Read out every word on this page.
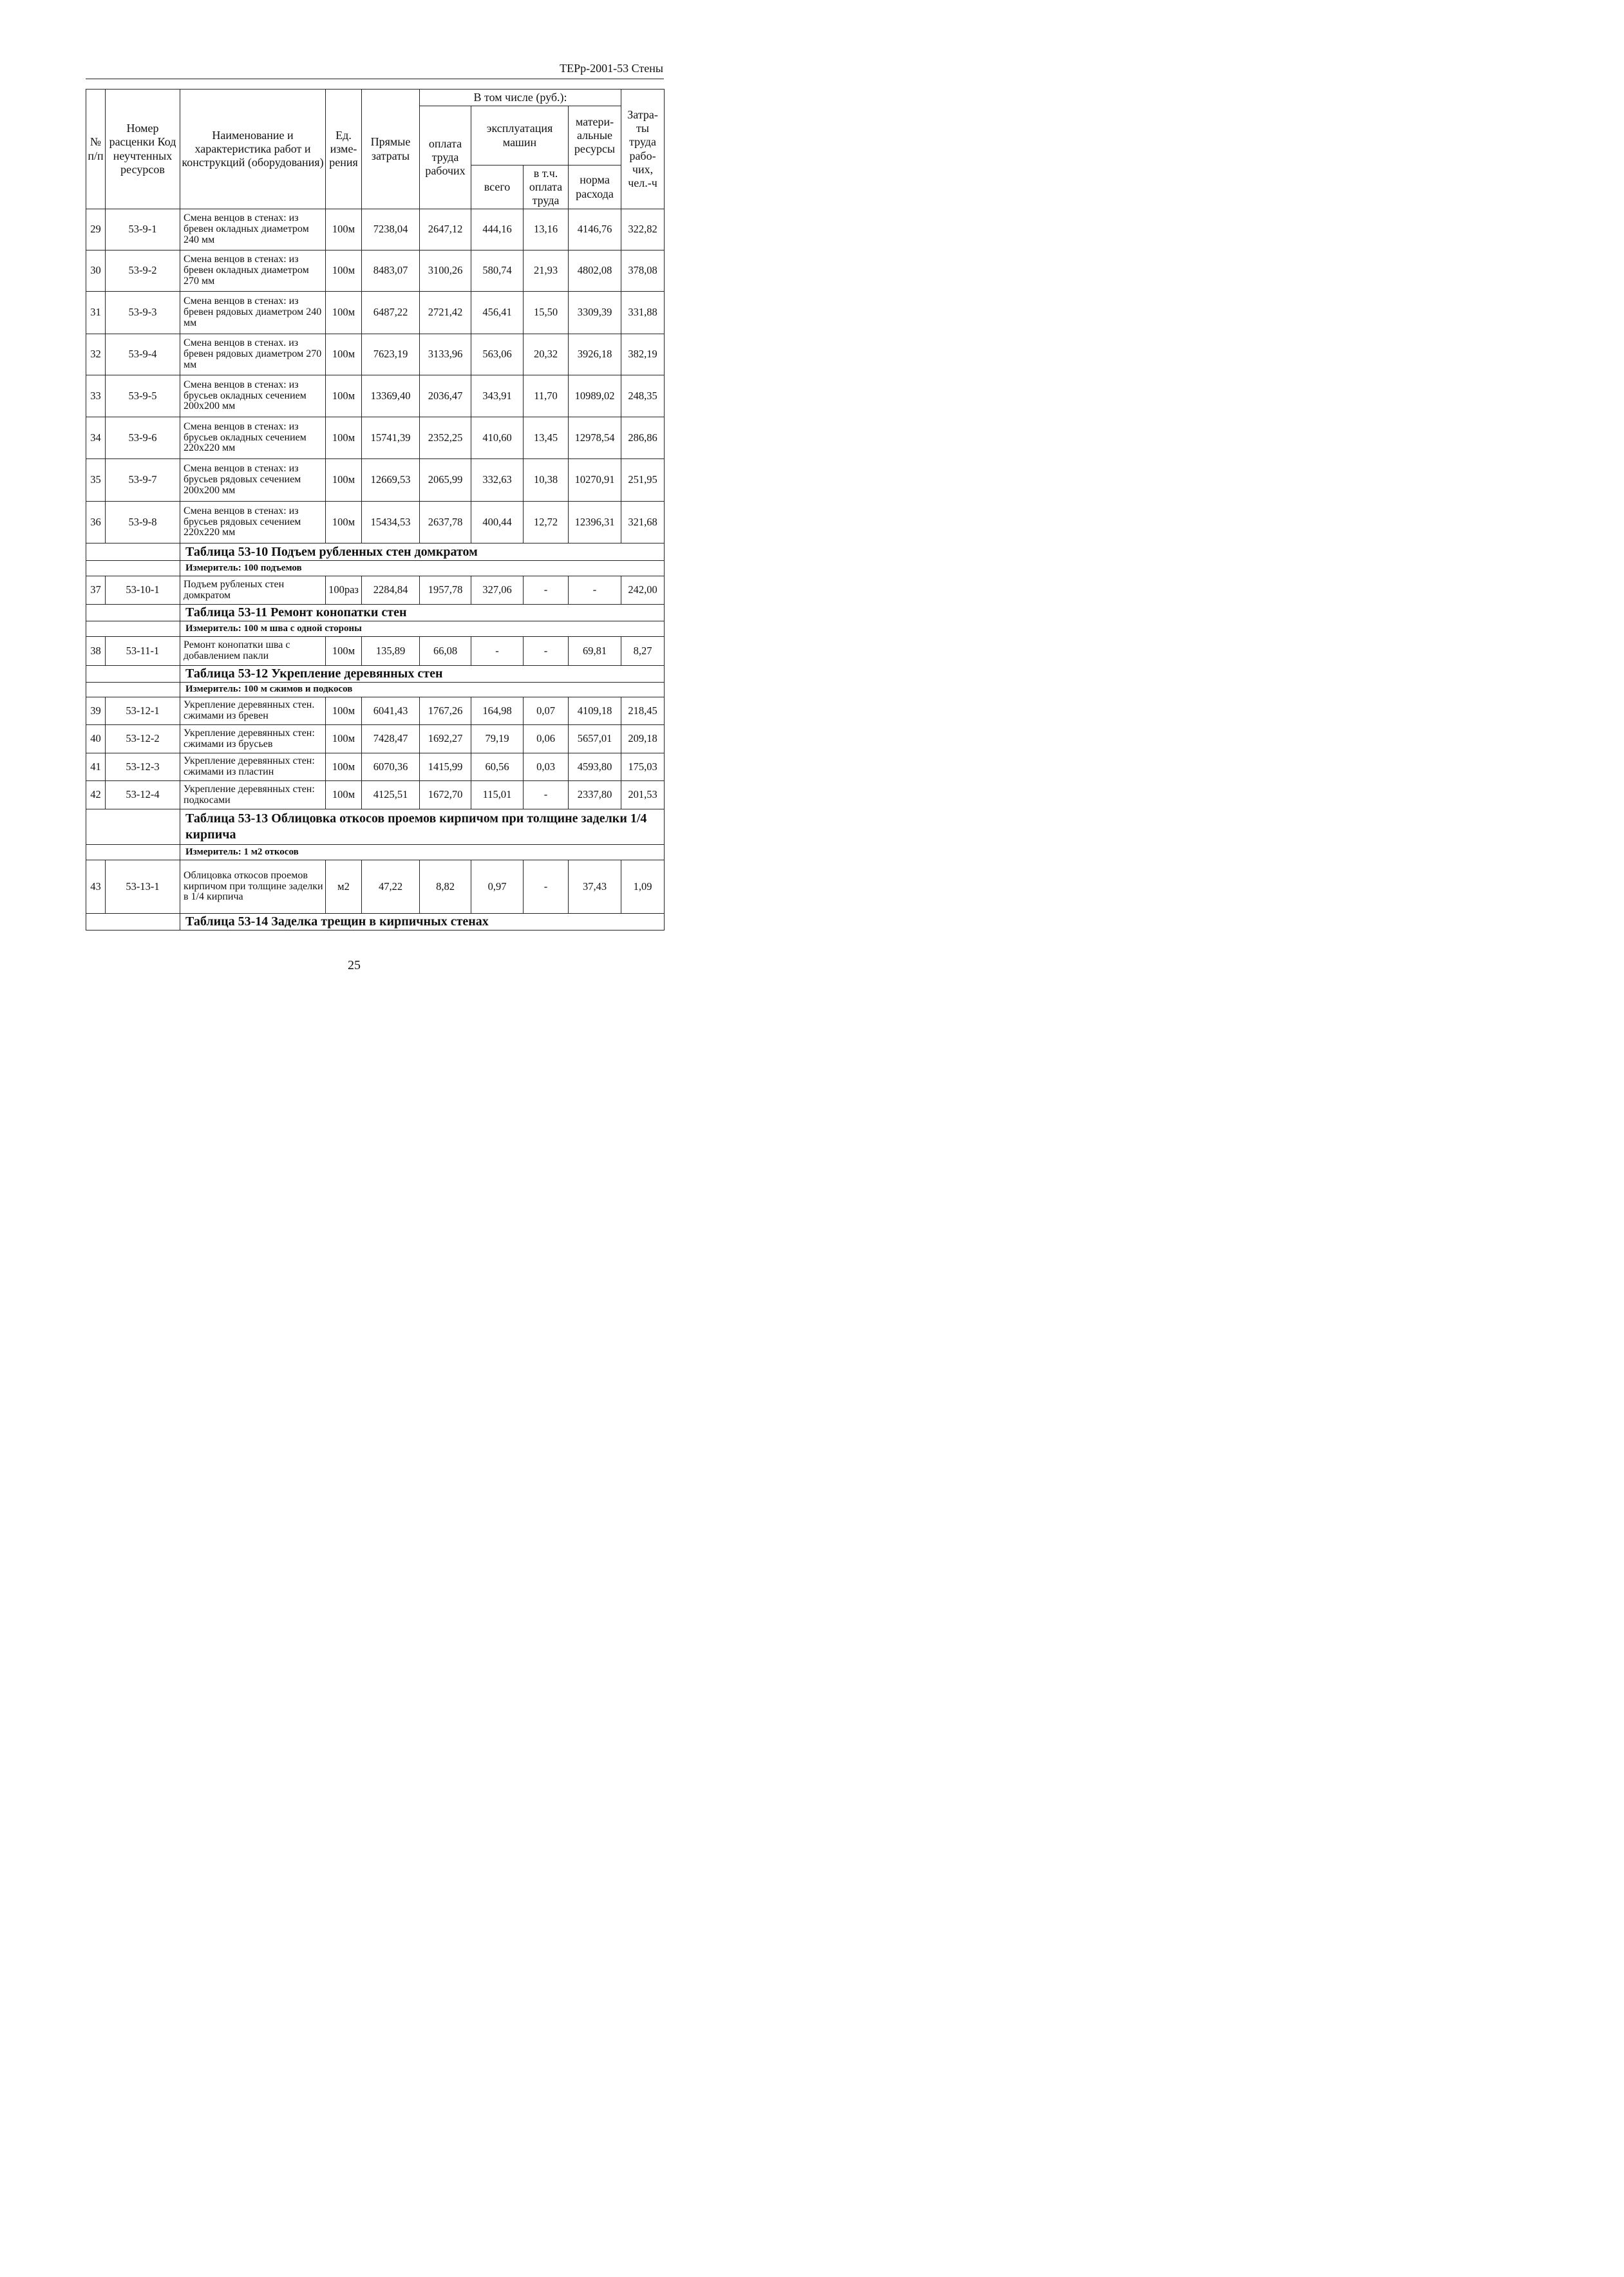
ТЕРр-2001-53 Стены
№ п/п	Номер расценки Код неучтенных ресурсов	Наименование и характеристика работ и конструкций (оборудования)	Ед. изме-рения	Прямые затраты	В том числе (руб.):				Затра-ты труда рабо-чих, чел.-ч
					оплата труда рабочих	эксплуатация машин		матери-альные ресурсы	
						всего	в т.ч. оплата труда	норма расхода	
29	53-9-1	Смена венцов в стенах: из бревен окладных диаметром 240 мм	100м	7238,04	2647,12	444,16	13,16	4146,76	322,82
30	53-9-2	Смена венцов в стенах: из бревен окладных диаметром 270 мм	100м	8483,07	3100,26	580,74	21,93	4802,08	378,08
31	53-9-3	Смена венцов в стенах: из бревен рядовых диаметром 240 мм	100м	6487,22	2721,42	456,41	15,50	3309,39	331,88
32	53-9-4	Смена венцов в стенах. из бревен рядовых диаметром 270 мм	100м	7623,19	3133,96	563,06	20,32	3926,18	382,19
33	53-9-5	Смена венцов в стенах: из брусьев окладных сечением 200х200 мм	100м	13369,40	2036,47	343,91	11,70	10989,02	248,35
34	53-9-6	Смена венцов в стенах: из брусьев окладных сечением 220х220 мм	100м	15741,39	2352,25	410,60	13,45	12978,54	286,86
35	53-9-7	Смена венцов в стенах: из брусьев рядовых сечением 200х200 мм	100м	12669,53	2065,99	332,63	10,38	10270,91	251,95
36	53-9-8	Смена венцов в стенах: из брусьев рядовых сечением 220х220 мм	100м	15434,53	2637,78	400,44	12,72	12396,31	321,68
		Таблица 53-10 Подъем рубленных стен домкратом							
		Измеритель: 100 подъемов							
37	53-10-1	Подъем рубленых стен домкратом	100раз	2284,84	1957,78	327,06	-	-	242,00
		Таблица 53-11 Ремонт конопатки стен							
		Измеритель: 100 м шва с одной стороны							
38	53-11-1	Ремонт конопатки шва с добавлением пакли	100м	135,89	66,08	-	-	69,81	8,27
		Таблица 53-12 Укрепление деревянных стен							
		Измеритель: 100 м сжимов и подкосов							
39	53-12-1	Укрепление деревянных стен. сжимами из бревен	100м	6041,43	1767,26	164,98	0,07	4109,18	218,45
40	53-12-2	Укрепление деревянных стен: сжимами из брусьев	100м	7428,47	1692,27	79,19	0,06	5657,01	209,18
41	53-12-3	Укрепление деревянных стен: сжимами из пластин	100м	6070,36	1415,99	60,56	0,03	4593,80	175,03
42	53-12-4	Укрепление деревянных стен: подкосами	100м	4125,51	1672,70	115,01	-	2337,80	201,53
		Таблица 53-13 Облицовка откосов проемов кирпичом при толщине заделки 1/4 кирпича							
		Измеритель: 1 м2 откосов							
43	53-13-1	Облицовка откосов проемов кирпичом при толщине заделки в 1/4 кирпича	м2	47,22	8,82	0,97	-	37,43	1,09
		Таблица 53-14 Заделка трещин в кирпичных стенах							
25
